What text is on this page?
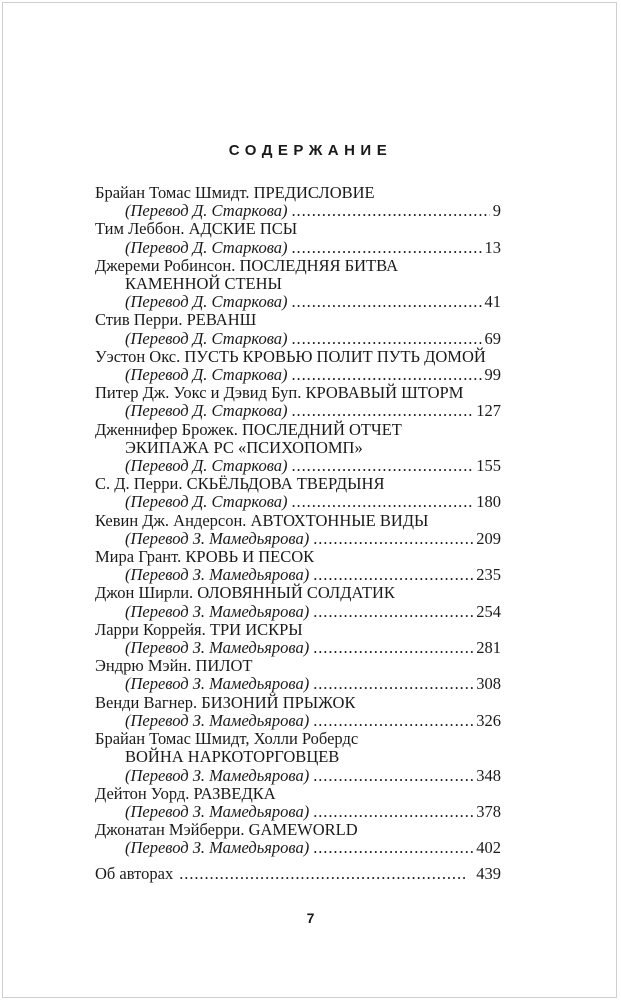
СОДЕРЖАНИЕ
Брайан Томас Шмидт. ПРЕДИСЛОВИЕ
(Перевод Д. Старкова) . . .	9
Тим Леббон. АДСКИЕ ПСЫ
(Перевод Д. Старкова) . . .	13
Джереми Робинсон. ПОСЛЕДНЯЯ БИТВА
КАМЕННОЙ СТЕНЫ
(Перевод Д. Старкова) . . .	41
Стив Перри. РЕВАНШ
(Перевод Д. Старкова) . . .	69
Уэстон Окс. ПУСТЬ КРОВЬЮ ПОЛИТ ПУТЬ ДОМОЙ
(Перевод Д. Старкова) . . .	99
Питер Дж. Уокс и Дэвид Буп. КРОВАВЫЙ ШТОРМ
(Перевод Д. Старкова) . . .	127
Дженнифер Брожек. ПОСЛЕДНИЙ ОТЧЕТ
ЭКИПАЖА РС «ПСИХОПОМП»
(Перевод Д. Старкова) . . .	155
С. Д. Перри. СКЬЁЛЬДОВА ТВЕРДЫНЯ
(Перевод Д. Старкова) . . .	180
Кевин Дж. Андерсон. АВТОХТОННЫЕ ВИДЫ
(Перевод З. Мамедьярова) . . .	209
Мира Грант. КРОВЬ И ПЕСОК
(Перевод З. Мамедьярова) . . .	235
Джон Ширли. ОЛОВЯННЫЙ СОЛДАТИК
(Перевод З. Мамедьярова) . . .	254
Ларри Коррейя. ТРИ ИСКРЫ
(Перевод З. Мамедьярова) . . .	281
Эндрю Мэйн. ПИЛОТ
(Перевод З. Мамедьярова) . . .	308
Венди Вагнер. БИЗОНИЙ ПРЫЖОК
(Перевод З. Мамедьярова) . . .	326
Брайан Томас Шмидт, Холли Робердс
ВОЙНА НАРКОТОРГОВЦЕВ
(Перевод З. Мамедьярова) . . .	348
Дейтон Уорд. РАЗВЕДКА
(Перевод З. Мамедьярова) . . .	378
Джонатан Мэйберри. GAMEWORLD
(Перевод З. Мамедьярова) . . .	402
Об авторах . . .	439
7
